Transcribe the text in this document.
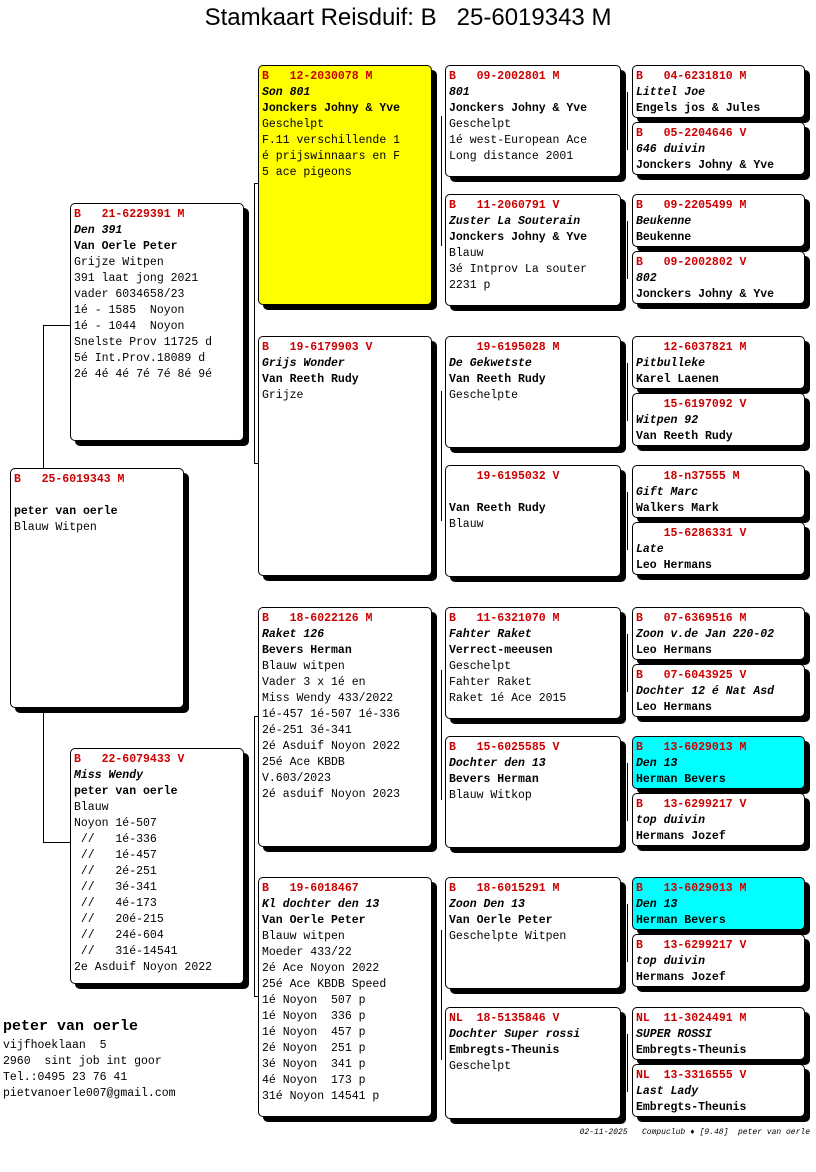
Stamkaart Reisduif: B   25-6019343 M
B   25-6019343 M
peter van oerle
Blauw Witpen
B   21-6229391 M
Den 391
Van Oerle Peter
Grijze Witpen
391 laat jong 2021
vader 6034658/23
1é - 1585  Noyon
1é - 1044  Noyon
Snelste Prov 11725 d
5é Int.Prov.18089 d
2é 4é 4é 7é 7é 8é 9é
B   22-6079433 V
Miss Wendy
peter van oerle
Blauw
Noyon 1é-507
//   1é-336
//   1é-457
//   2é-251
//   3é-341
//   4é-173
//   20é-215
//   24é-604
//   31é-14541
2e Asduif Noyon 2022
B   12-2030078 M
Son 801
Jonckers Johny & Yve
Geschelpt
F.11 verschillende 1
é prijswinnaars en F
5 ace pigeons
B   19-6179903 V
Grijs Wonder
Van Reeth Rudy
Grijze
B   18-6022126 M
Raket 126
Bevers Herman
Blauw witpen
Vader 3 x 1é en
Miss Wendy 433/2022
1é-457 1é-507 1é-336
2é-251 3é-341
2é Asduif Noyon 2022
25é Ace KBDB
V.603/2023
2é asduif Noyon 2023
B   19-6018467
Kl dochter den 13
Van Oerle Peter
Blauw witpen
Moeder 433/22
2é Ace Noyon 2022
25é Ace KBDB Speed
1é Noyon  507 p
1é Noyon  336 p
1é Noyon  457 p
2é Noyon  251 p
3é Noyon  341 p
4é Noyon  173 p
31é Noyon 14541 p
B   09-2002801 M
801
Jonckers Johny & Yve
Geschelpt
1é west-European Ace
Long distance 2001
B   11-2060791 V
Zuster La Souterain
Jonckers Johny & Yve
Blauw
3é Intprov La souter
2231 p
19-6195028 M
De Gekwetste
Van Reeth Rudy
Geschelpte
19-6195032 V
Van Reeth Rudy
Blauw
B   11-6321070 M
Fahter Raket
Verrect-meeusen
Geschelpt
Fahter Raket
Raket 1é Ace 2015
B   15-6025585 V
Dochter den 13
Bevers Herman
Blauw Witkop
B   18-6015291 M
Zoon Den 13
Van Oerle Peter
Geschelpte Witpen
NL  18-5135846 V
Dochter Super rossi
Embregts-Theunis
Geschelpt
B   04-6231810 M
Littel Joe
Engels jos & Jules
B   05-2204646 V
646 duivin
Jonckers Johny & Yve
B   09-2205499 M
Beukenne
Beukenne
B   09-2002802 V
802
Jonckers Johny & Yve
12-6037821 M
Pitbulleke
Karel Laenen
15-6197092 V
Witpen 92
Van Reeth Rudy
18-n37555 M
Gift Marc
Walkers Mark
15-6286331 V
Late
Leo Hermans
B   07-6369516 M
Zoon v.de Jan 220-02
Leo Hermans
B   07-6043925 V
Dochter 12 é Nat Asd
Leo Hermans
B   13-6029013 M
Den 13
Herman Bevers
B   13-6299217 V
top duivin
Hermans Jozef
B   13-6029013 M
Den 13
Herman Bevers
B   13-6299217 V
top duivin
Hermans Jozef
NL  11-3024491 M
SUPER ROSSI
Embregts-Theunis
NL  13-3316555 V
Last Lady
Embregts-Theunis
peter van oerle
vijfhoeklaan  5
2960  sint job int goor
Tel.:0495 23 76 41
pietvanoerle007@gmail.com
02-11-2025   Compuclub ♦ [9.48]  peter van oerle
